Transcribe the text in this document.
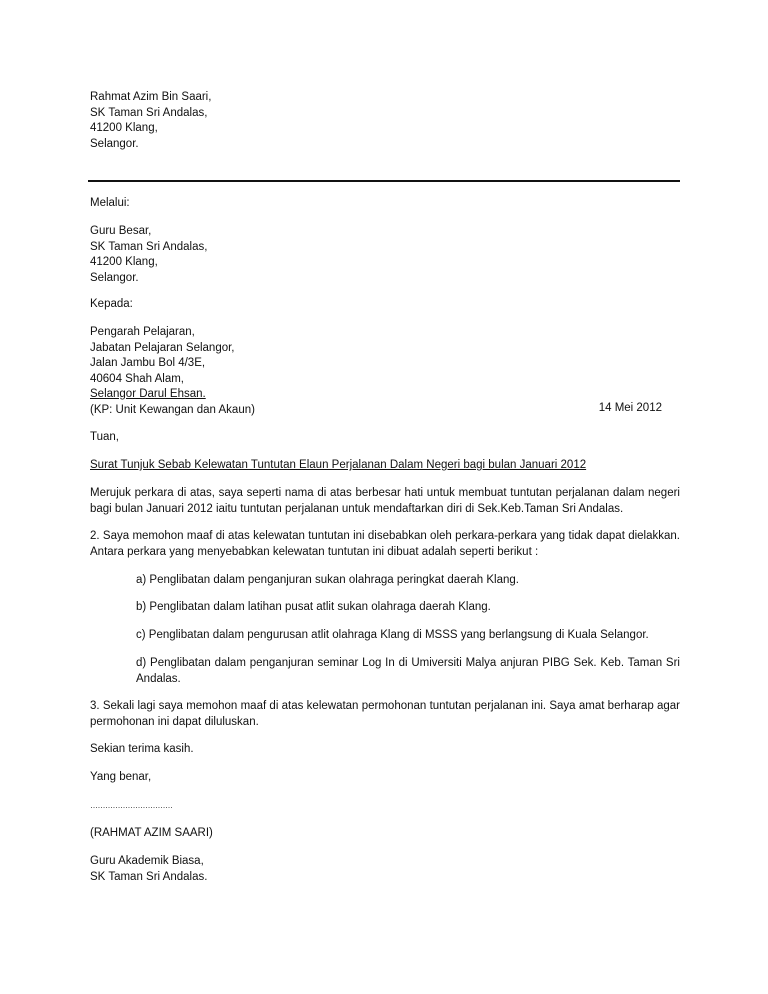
Rahmat Azim Bin Saari,
SK Taman Sri Andalas,
41200 Klang,
Selangor.
Melalui:
Guru Besar,
SK Taman Sri Andalas,
41200 Klang,
Selangor.
Kepada:
Pengarah Pelajaran,
Jabatan Pelajaran Selangor,
Jalan Jambu Bol 4/3E,
40604 Shah Alam,
Selangor Darul Ehsan.
(KP: Unit Kewangan dan Akaun)	14 Mei 2012
Tuan,
Surat Tunjuk Sebab Kelewatan Tuntutan Elaun Perjalanan Dalam Negeri bagi bulan Januari 2012
Merujuk perkara di atas, saya seperti nama di atas berbesar hati untuk membuat tuntutan perjalanan dalam negeri bagi bulan Januari 2012 iaitu tuntutan perjalanan untuk mendaftarkan diri di Sek.Keb.Taman Sri Andalas.
2. Saya memohon maaf di atas kelewatan tuntutan ini disebabkan oleh perkara-perkara yang tidak dapat dielakkan. Antara perkara yang menyebabkan kelewatan tuntutan ini dibuat adalah seperti berikut :
a) Penglibatan dalam penganjuran sukan olahraga peringkat daerah Klang.
b) Penglibatan dalam latihan pusat atlit sukan olahraga daerah Klang.
c) Penglibatan dalam pengurusan atlit olahraga Klang di MSSS yang berlangsung di Kuala Selangor.
d) Penglibatan dalam penganjuran seminar Log In di Umiversiti Malya anjuran PIBG Sek. Keb. Taman Sri Andalas.
3. Sekali lagi saya memohon maaf di atas kelewatan permohonan tuntutan perjalanan ini. Saya amat berharap agar permohonan ini dapat diluluskan.
Sekian terima kasih.
Yang benar,
……………………………
(RAHMAT AZIM SAARI)
Guru Akademik Biasa,
SK Taman Sri Andalas.
